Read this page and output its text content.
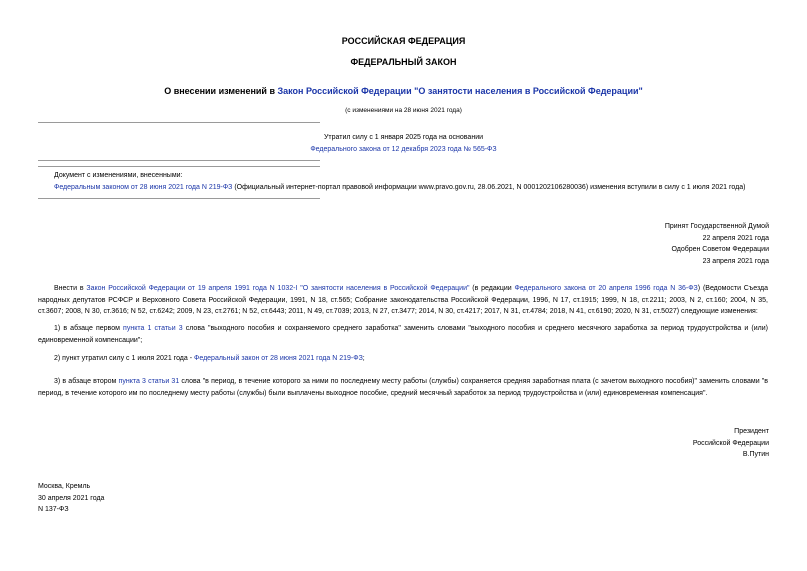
РОССИЙСКАЯ ФЕДЕРАЦИЯ
ФЕДЕРАЛЬНЫЙ ЗАКОН
О внесении изменений в Закон Российской Федерации "О занятости населения в Российской Федерации"
(с изменениями на 28 июня 2021 года)
Утратил силу с 1 января 2025 года на основании
Федерального закона от 12 декабря 2023 года № 565-ФЗ
Документ с изменениями, внесенными:
Федеральным законом от 28 июня 2021 года N 219-ФЗ (Официальный интернет-портал правовой информации www.pravo.gov.ru, 28.06.2021, N 0001202106280036) изменения вступили в силу с 1 июля 2021 года)
Принят Государственной Думой
22 апреля 2021 года
Одобрен Советом Федерации
23 апреля 2021 года
Внести в Закон Российской Федерации от 19 апреля 1991 года N 1032-I "О занятости населения в Российской Федерации" (в редакции Федерального закона от 20 апреля 1996 года N 36-ФЗ) (Ведомости Съезда народных депутатов РСФСР и Верховного Совета Российской Федерации, 1991, N 18, ст.565; Собрание законодательства Российской Федерации, 1996, N 17, ст.1915; 1999, N 18, ст.2211; 2003, N 2, ст.160; 2004, N 35, ст.3607; 2008, N 30, ст.3616; N 52, ст.6242; 2009, N 23, ст.2761; N 52, ст.6443; 2011, N 49, ст.7039; 2013, N 27, ст.3477; 2014, N 30, ст.4217; 2017, N 31, ст.4784; 2018, N 41, ст.6190; 2020, N 31, ст.5027) следующие изменения:
1) в абзаце первом пункта 1 статьи 3 слова "выходного пособия и сохраняемого среднего заработка" заменить словами "выходного пособия и среднего месячного заработка за период трудоустройства и (или) единовременной компенсации";
2) пункт утратил силу с 1 июля 2021 года - Федеральный закон от 28 июня 2021 года N 219-ФЗ;
3) в абзаце втором пункта 3 статьи 31 слова "в период, в течение которого за ними по последнему месту работы (службы) сохраняется средняя заработная плата (с зачетом выходного пособия)" заменить словами "в период, в течение которого им по последнему месту работы (службы) были выплачены выходное пособие, средний месячный заработок за период трудоустройства и (или) единовременная компенсация".
Президент
Российской Федерации
В.Путин
Москва, Кремль
30 апреля 2021 года
N 137-ФЗ
